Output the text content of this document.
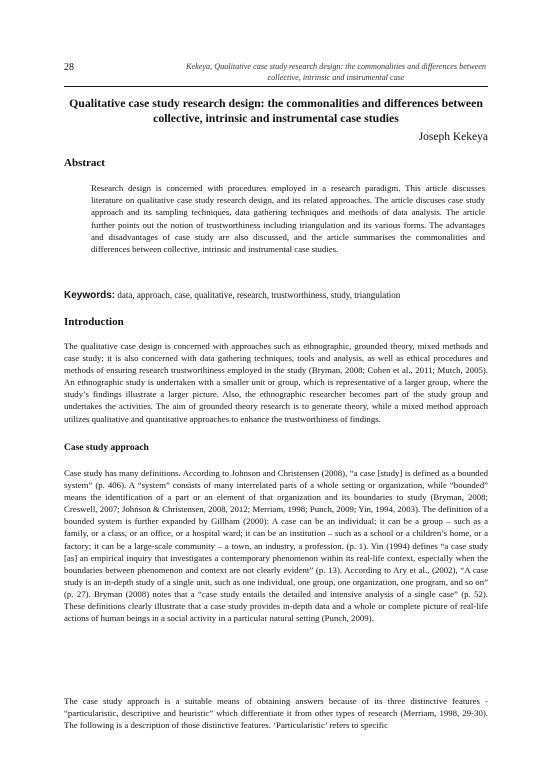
28	Kekeya, Qualitative case study research design: the commonalities and differences between collective, intrinsic and instrumental case
Qualitative case study research design: the commonalities and differences between collective, intrinsic and instrumental case studies
Joseph Kekeya
Abstract

Research design is concerned with procedures employed in a research paradigm. This article discusses literature on qualitative case study research design, and its related approaches. The article discuses case study approach and its sampling techniques, data gathering techniques and methods of data analysis. The article further points out the notion of trustworthiness including triangulation and its various forms. The advantages and disadvantages of case study are also discussed, and the article summarises the commonalities and differences between collective, intrinsic and instrumental case studies.

Keywords: data, approach, case, qualitative, research, trustworthiness, study, triangulation
Introduction

The qualitative case design is concerned with approaches such as ethnographic, grounded theory, mixed methods and case study; it is also concerned with data gathering techniques, tools and analysis, as well as ethical procedures and methods of ensuring research trustworthiness employed in the study (Bryman, 2008; Cohen et al., 2011; Mutch, 2005). An ethnographic study is undertaken with a smaller unit or group, which is representative of a larger group, where the study’s findings illustrate a larger picture. Also, the ethnographic researcher becomes part of the study group and undertakes the activities. The aim of grounded theory research is to generate theory, while a mixed method approach utilizes qualitative and quantitative approaches to enhance the trustworthiness of findings.

Case study approach

Case study has many definitions. According to Johnson and Christensen (2008), “a case [study] is defined as a bounded system” (p. 406). A “system” consists of many interrelated parts of a whole setting or organization, while “bounded” means the identification of a part or an element of that organization and its boundaries to study (Bryman, 2008; Creswell, 2007; Johnson & Christensen, 2008, 2012; Merriam, 1998; Punch, 2009; Yin, 1994, 2003). The definition of a bounded system is further expanded by Gillham (2000): A case can be an individual; it can be a group – such as a family, or a class, or an office, or a hospital ward; it can be an institution – such as a school or a children’s home, or a factory; it can be a large-scale community – a town, an industry, a profession. (p. 1). Yin (1994) defines “a case study [as] an empirical inquiry that investigates a contemporary phenomenon within its real-life context, especially when the boundaries between phenomenon and context are not clearly evident” (p. 13). According to Ary et al., (2002), “A case study is an in-depth study of a single unit, such as one individual, one group, one organization, one program, and so on” (p. 27). Bryman (2008) notes that a “case study entails the detailed and intensive analysis of a single case” (p. 52). These definitions clearly illustrate that a case study provides in-depth data and a whole or complete picture of real-life actions of human beings in a social activity in a particular natural setting (Punch, 2009).

The case study approach is a suitable means of obtaining answers because of its three distinctive features - “particularistic, descriptive and heuristic” which differentiate it from other types of research (Merriam, 1998, 29-30). The following is a description of those distinctive features. ‘Particularistic’ refers to specific
